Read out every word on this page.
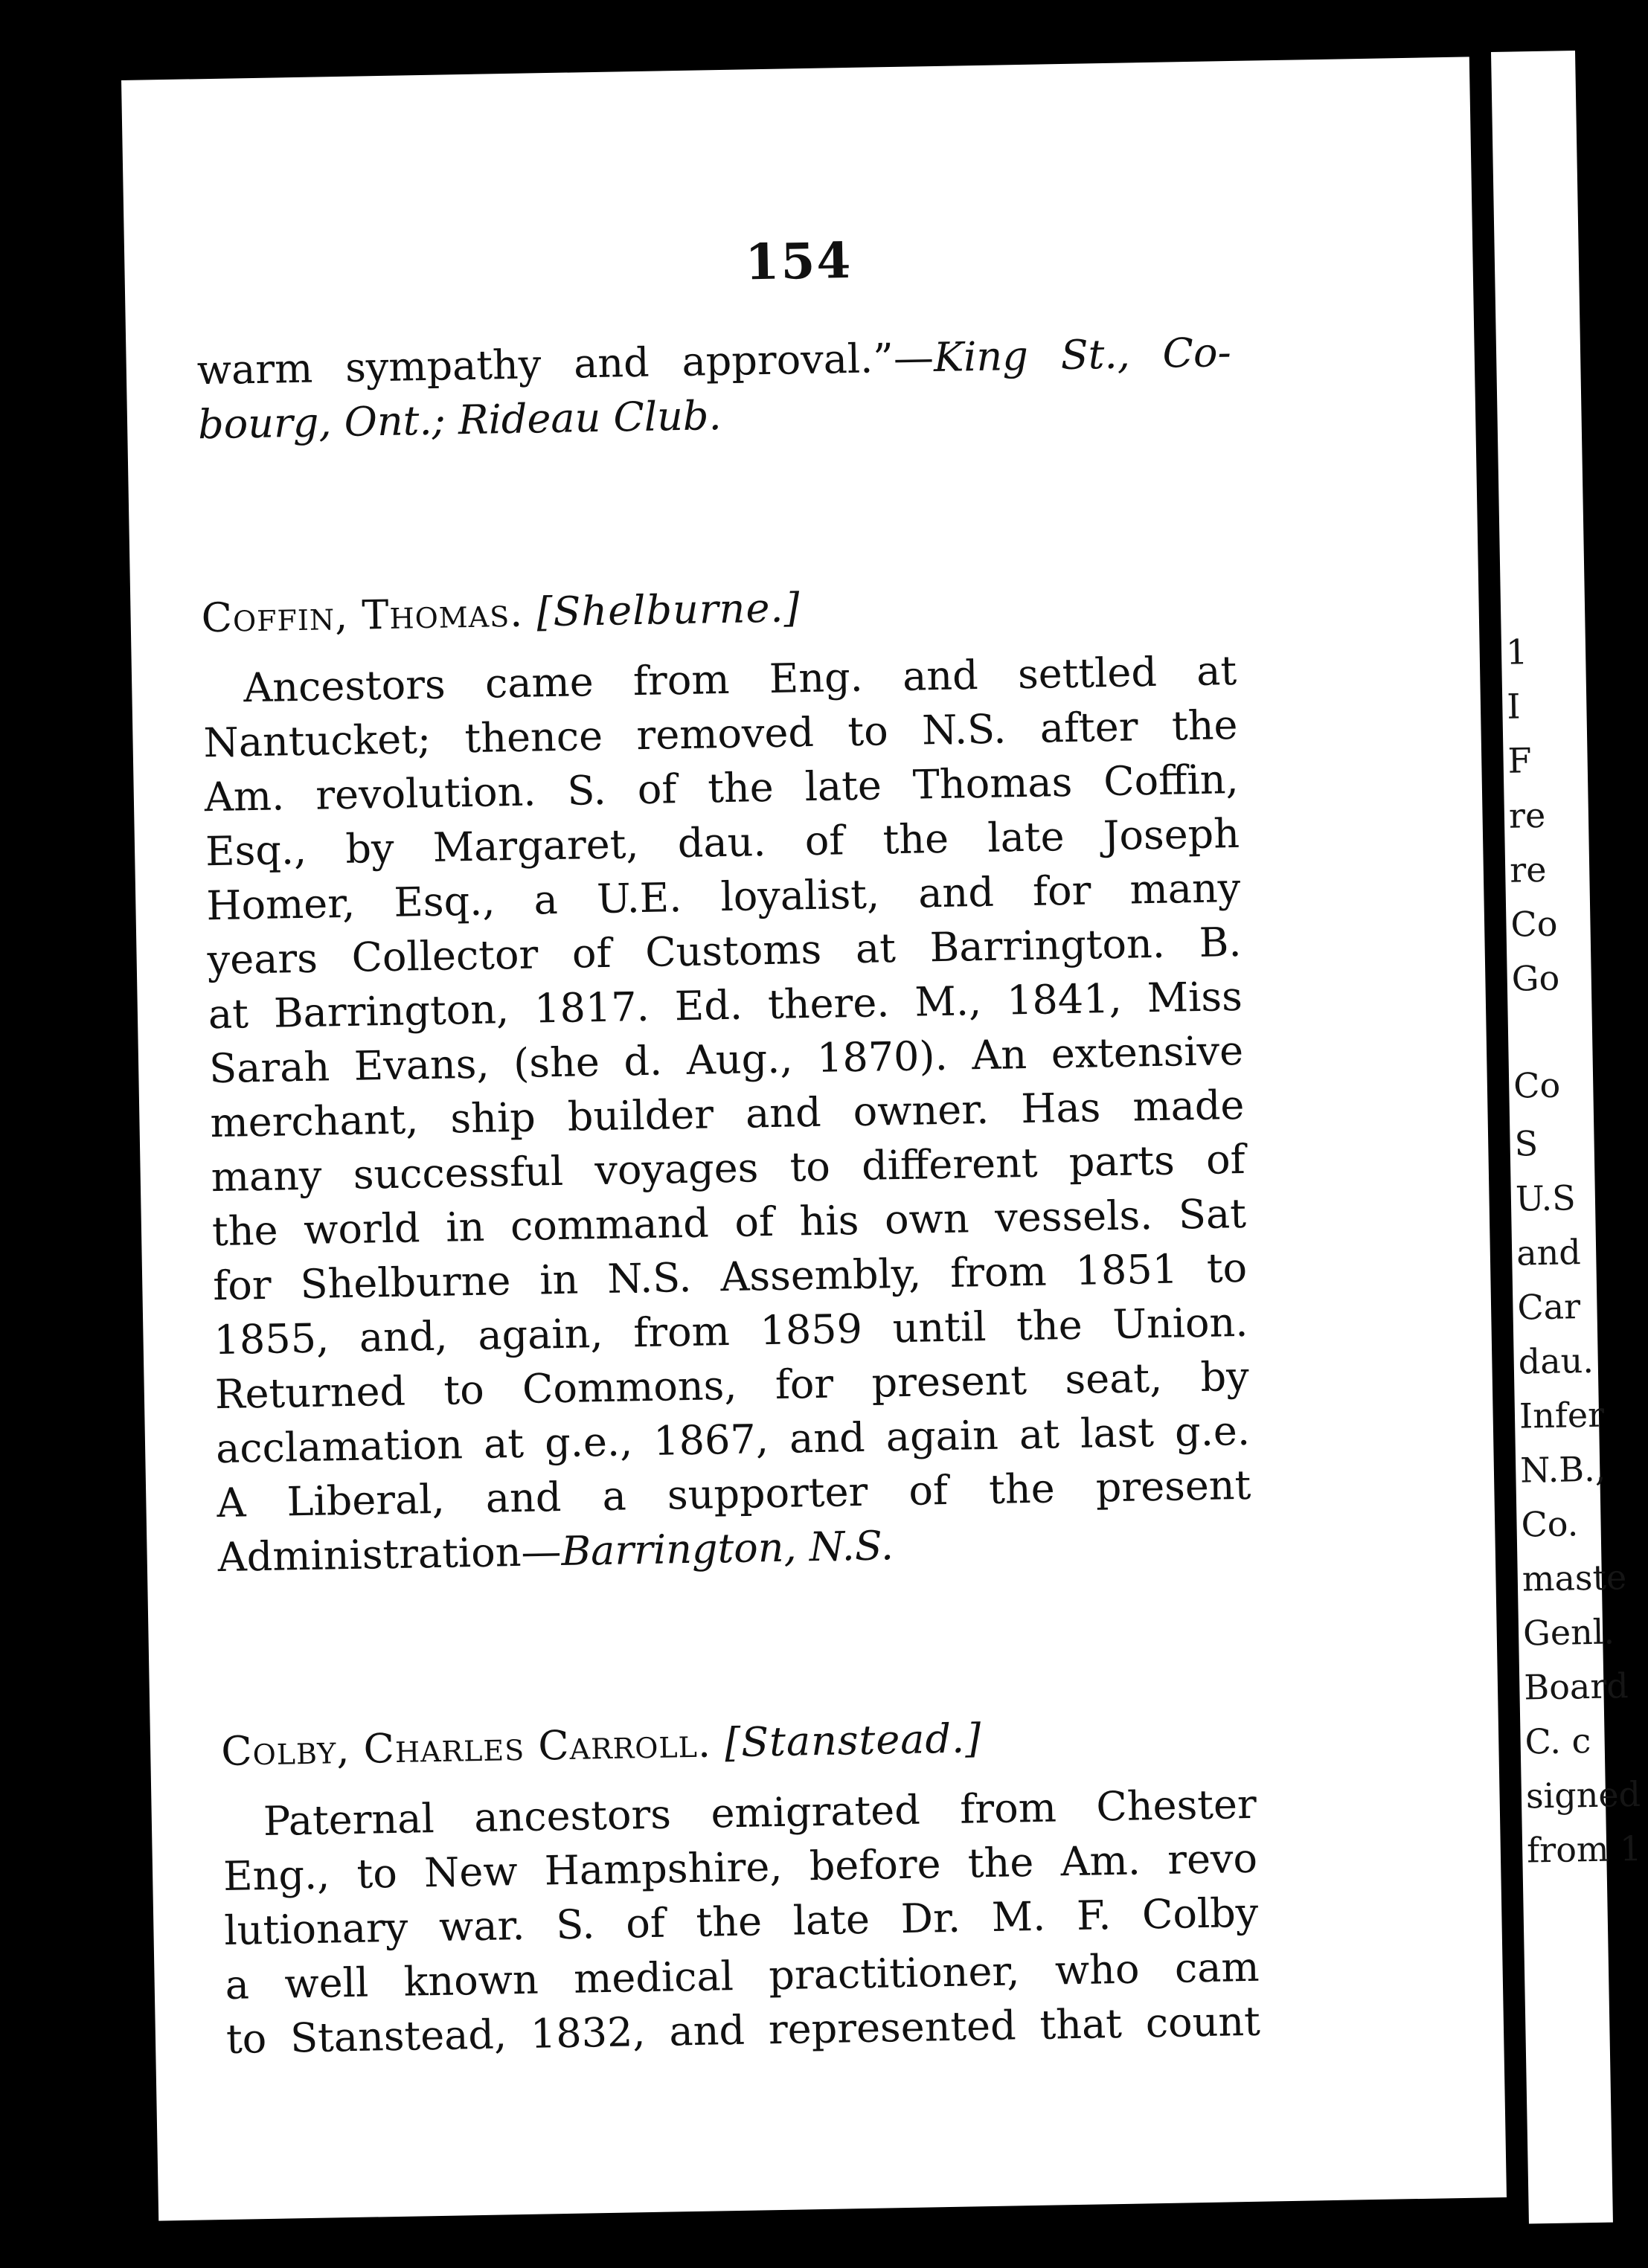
154
warm sympathy and approval.”—King St., Co-
bourg, Ont.; Rideau Club.
Coffin, Thomas. [Shelburne.]
Ancestors came from Eng. and settled at
Nantucket; thence removed to N.S. after the
Am. revolution. S. of the late Thomas Coffin,
Esq., by Margaret, dau. of the late Joseph
Homer, Esq., a U.E. loyalist, and for many
years Collector of Customs at Barrington. B.
at Barrington, 1817. Ed. there. M., 1841, Miss
Sarah Evans, (she d. Aug., 1870). An extensive
merchant, ship builder and owner. Has made
many successful voyages to different parts of
the world in command of his own vessels. Sat
for Shelburne in N.S. Assembly, from 1851 to
1855, and, again, from 1859 until the Union.
Returned to Commons, for present seat, by
acclamation at g.e., 1867, and again at last g.e.
A Liberal, and a supporter of the present
Administration—Barrington, N.S.
Colby, Charles Carroll. [Stanstead.]
Paternal ancestors emigrated from Chester
Eng., to New Hampshire, before the Am. revo
lutionary war. S. of the late Dr. M. F. Colby
a well known medical practitioner, who cam
to Stanstead, 1832, and represented that count
1
I
F
re
re
Co
Go
Co
S
U.S
and
Car
dau.
Infer
N.B.,
Co.
maste
Genl.
Board
C. c
signed
from 1
